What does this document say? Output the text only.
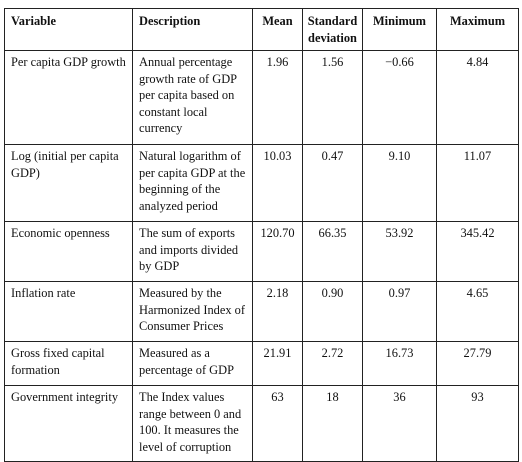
Variable	Description	Mean	Standard deviation	Minimum	Maximum
Per capita GDP growth	Annual percentage growth rate of GDP per capita based on constant local currency	1.96	1.56	−0.66	4.84
Log (initial per capita GDP)	Natural logarithm of per capita GDP at the beginning of the analyzed period	10.03	0.47	9.10	11.07
Economic openness	The sum of exports and imports divided by GDP	120.70	66.35	53.92	345.42
Inflation rate	Measured by the Harmonized Index of Consumer Prices	2.18	0.90	0.97	4.65
Gross fixed capital formation	Measured as a percentage of GDP	21.91	2.72	16.73	27.79
Government integrity	The Index values range between 0 and 100. It measures the level of corruption	63	18	36	93
